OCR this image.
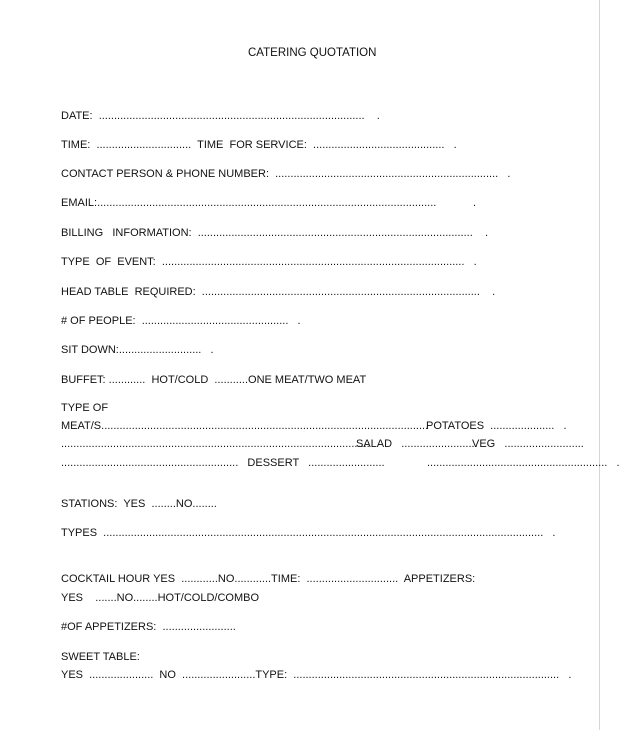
CATERING QUOTATION
DATE:  .......................................................................................    .
TIME:  ...............................  TIME  FOR SERVICE:  ...........................................   .
CONTACT PERSON & PHONE NUMBER:  .........................................................................   .
EMAIL:...............................................................................................................            .
BILLING   INFORMATION:  ..........................................................................................    .
TYPE  OF  EVENT:  ...................................................................................................   .
HEAD TABLE  REQUIRED:  ...........................................................................................    .
# OF PEOPLE:  ................................................   .
SIT DOWN:...........................   .
BUFFET: ............  HOT/COLD  ...........ONE MEAT/TWO MEAT
TYPE OF
MEAT/S...........................................................................................................
POTATOES  .....................   .
.....................................................................................................
SALAD   .........................
VEG   ..........................
..........................................................   DESSERT   .........................	...........................................................   .
STATIONS:  YES  ........NO........
TYPES  ................................................................................................................................................   .
COCKTAIL HOUR YES  ............NO............TIME:  ..............................  APPETIZERS:
YES    .......NO........HOT/COLD/COMBO
#OF APPETIZERS:  ........................
SWEET TABLE:
YES  .....................  NO  ........................TYPE:  .......................................................................................   .
